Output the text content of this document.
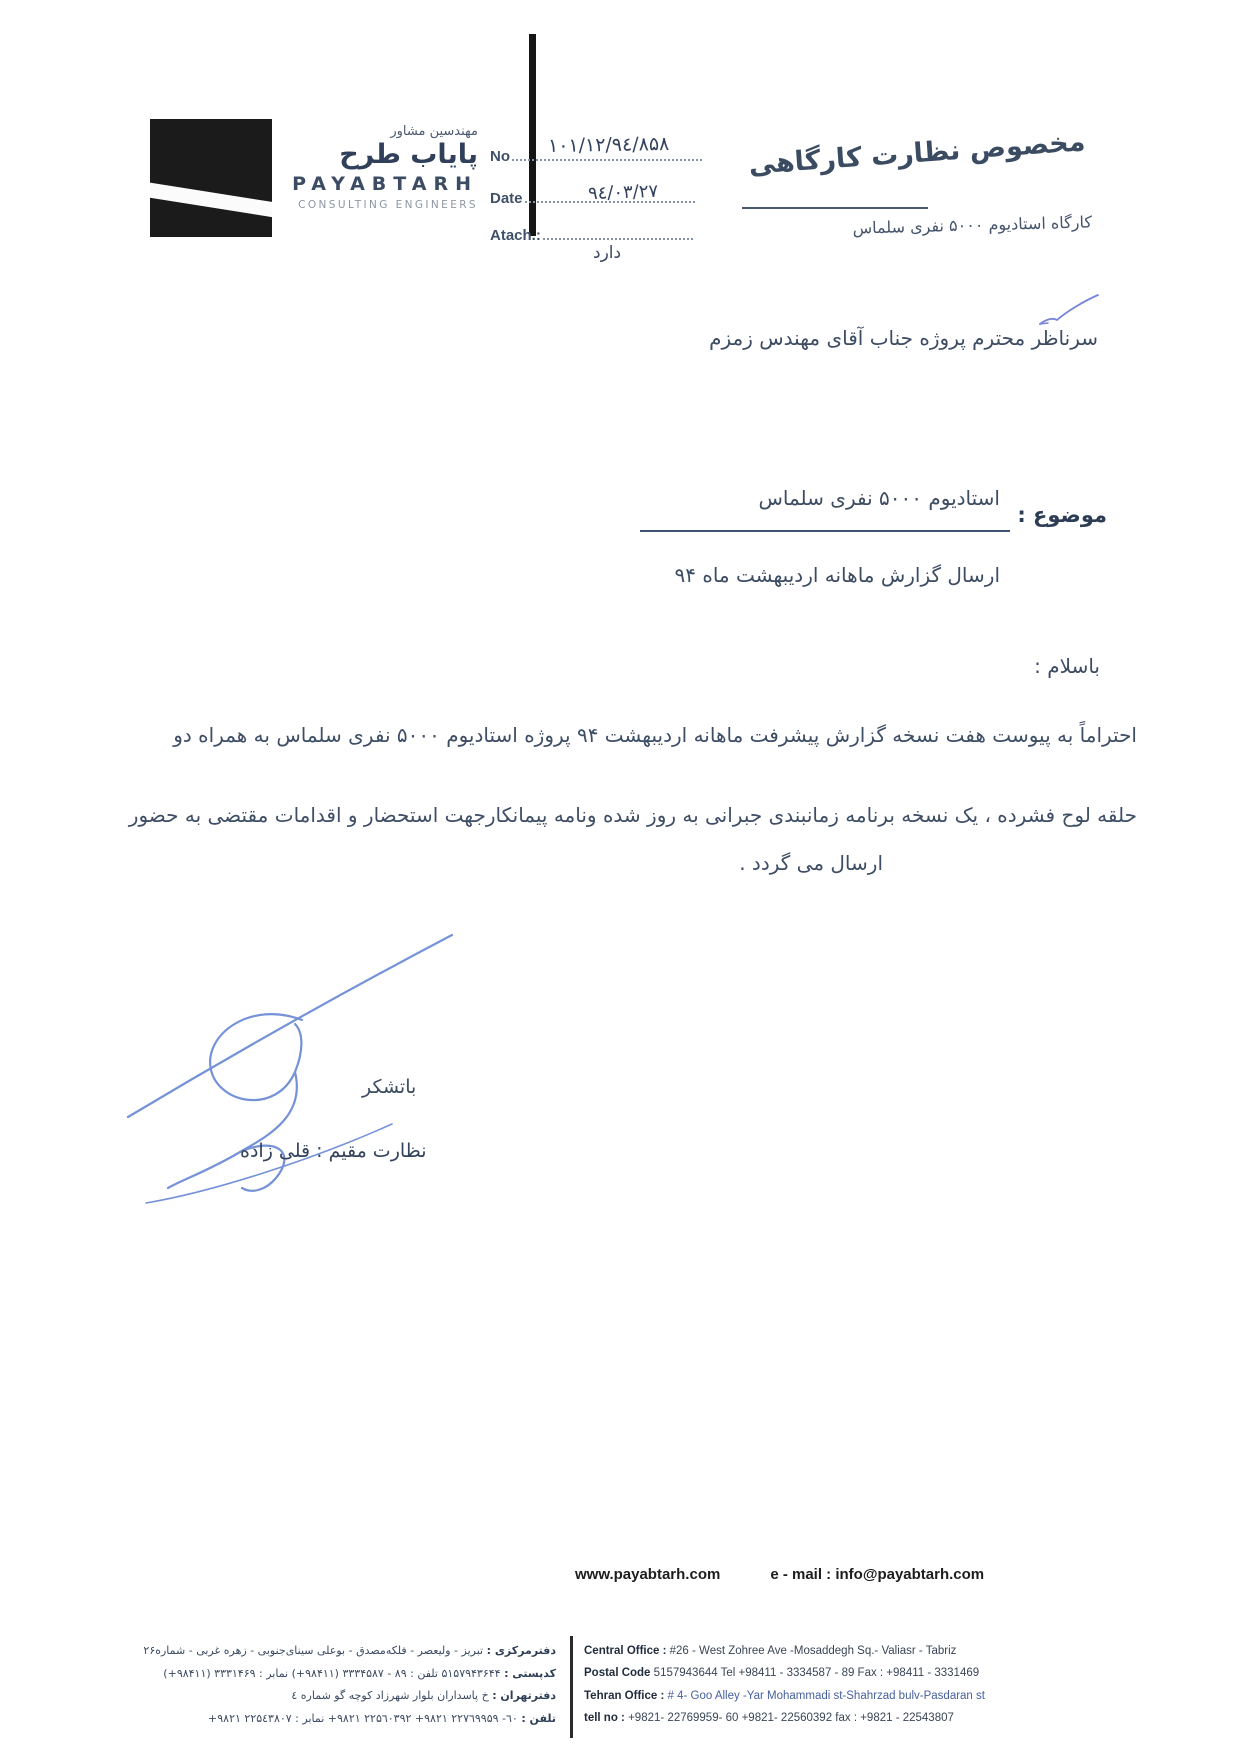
مهندسین مشاور
پایاب طرح
PAYABTARH
CONSULTING ENGINEERS
No	۱۰۱/۱۲/۹٤/۸۵۸
Date	۹٤/۰۳/۲۷
Atach.:
دارد
مخصوص نظارت کارگاهی
کارگاه استادیوم ۵۰۰۰ نفری سلماس
سرناظر محترم پروژه جناب آقای مهندس زمزم
استادیوم ۵۰۰۰ نفری سلماس
موضوع :
ارسال گزارش ماهانه اردیبهشت ماه ۹۴
باسلام :
احتراماً به پیوست هفت نسخه گزارش پیشرفت ماهانه اردیبهشت ۹۴ پروژه استادیوم ۵۰۰۰ نفری سلماس به همراه دو
حلقه لوح فشرده ، یک نسخه برنامه زمانبندی جبرانی به روز شده ونامه پیمانکارجهت استحضار و اقدامات مقتضی به حضور
ارسال می گردد .
باتشکر
نظارت مقیم : قلی زاده
www.payabtarh.com	e - mail : info@payabtarh.com
دفترمرکزی : تبریز - ولیعصر - فلکه‌مصدق - بوعلی سینای‌جنوبی - زهره غربی - شماره۲۶
کدپستی : ۵۱۵۷۹۴۳۶۴۴ تلفن : ۸۹ - ۳۳۳۴۵۸۷ (۹۸۴۱۱+) نمابر : ۳۳۳۱۴۶۹ (۹۸۴۱۱+)
دفترتهران : خ پاسداران بلوار شهرزاد کوچه گو شماره ٤
تلفن : ٦٠- ۲۲۷٦۹۹۵۹ ۹۸۲۱+ ۲۲۵٦۰۳۹۲ ۹۸۲۱+ نمابر : ۲۲۵٤۳۸۰۷ ۹۸۲۱+
Central Office : #26 - West Zohree Ave -Mosaddegh Sq.- Valiasr - Tabriz
Postal Code 5157943644 Tel +98411 - 3334587 - 89 Fax : +98411 - 3331469
Tehran Office : # 4- Goo Alley -Yar Mohammadi st-Shahrzad bulv-Pasdaran st
tell no : +9821- 22769959- 60 +9821- 22560392 fax : +9821 - 22543807
